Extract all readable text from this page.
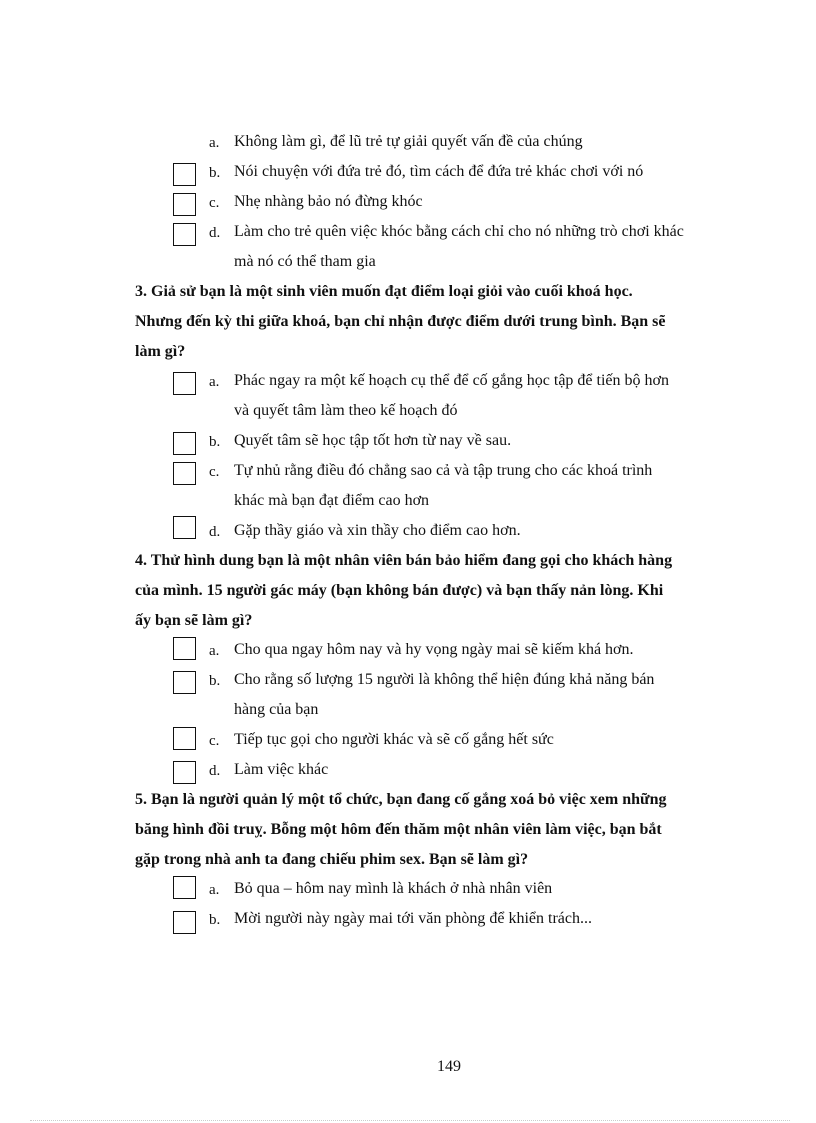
a. Không làm gì, để lũ trẻ tự giải quyết vấn đề của chúng
b. Nói chuyện với đứa trẻ đó, tìm cách để đứa trẻ khác chơi với nó
c. Nhẹ nhàng bảo nó đừng khóc
d. Làm cho trẻ quên việc khóc bằng cách chỉ cho nó những trò chơi khác
mà nó có thể tham gia
3. Giả sử bạn là một sinh viên muốn đạt điểm loại giỏi vào cuối khoá học.
Nhưng đến kỳ thi giữa khoá, bạn chỉ nhận được điểm dưới trung bình. Bạn sẽ
làm gì?
a. Phác ngay ra một kế hoạch cụ thể để cố gắng học tập để tiến bộ hơn
và quyết tâm làm theo kế hoạch đó
b. Quyết tâm sẽ học tập tốt hơn từ nay về sau.
c. Tự nhủ rằng điều đó chẳng sao cả và tập trung cho các khoá trình
khác mà bạn đạt điểm cao hơn
d. Gặp thầy giáo và xin thầy cho điểm cao hơn.
4. Thử hình dung bạn là một nhân viên bán bảo hiểm đang gọi cho khách hàng
của mình. 15 người gác máy (bạn không bán được) và bạn thấy nản lòng. Khi
ấy bạn sẽ làm gì?
a. Cho qua ngay hôm nay và hy vọng ngày mai sẽ kiếm khá hơn.
b. Cho rằng số lượng 15 người là không thể hiện đúng khả năng bán
hàng của bạn
c. Tiếp tục gọi cho người khác và sẽ cố gắng hết sức
d. Làm việc khác
5. Bạn là người quản lý một tổ chức, bạn đang cố gắng xoá bỏ việc xem những
băng hình đồi truỵ. Bỗng một hôm đến thăm một nhân viên làm việc, bạn bắt
gặp trong nhà anh ta đang chiếu phim sex. Bạn sẽ làm gì?
a. Bỏ qua – hôm nay mình là khách ở nhà nhân viên
b. Mời người này ngày mai tới văn phòng để khiển trách...
149
